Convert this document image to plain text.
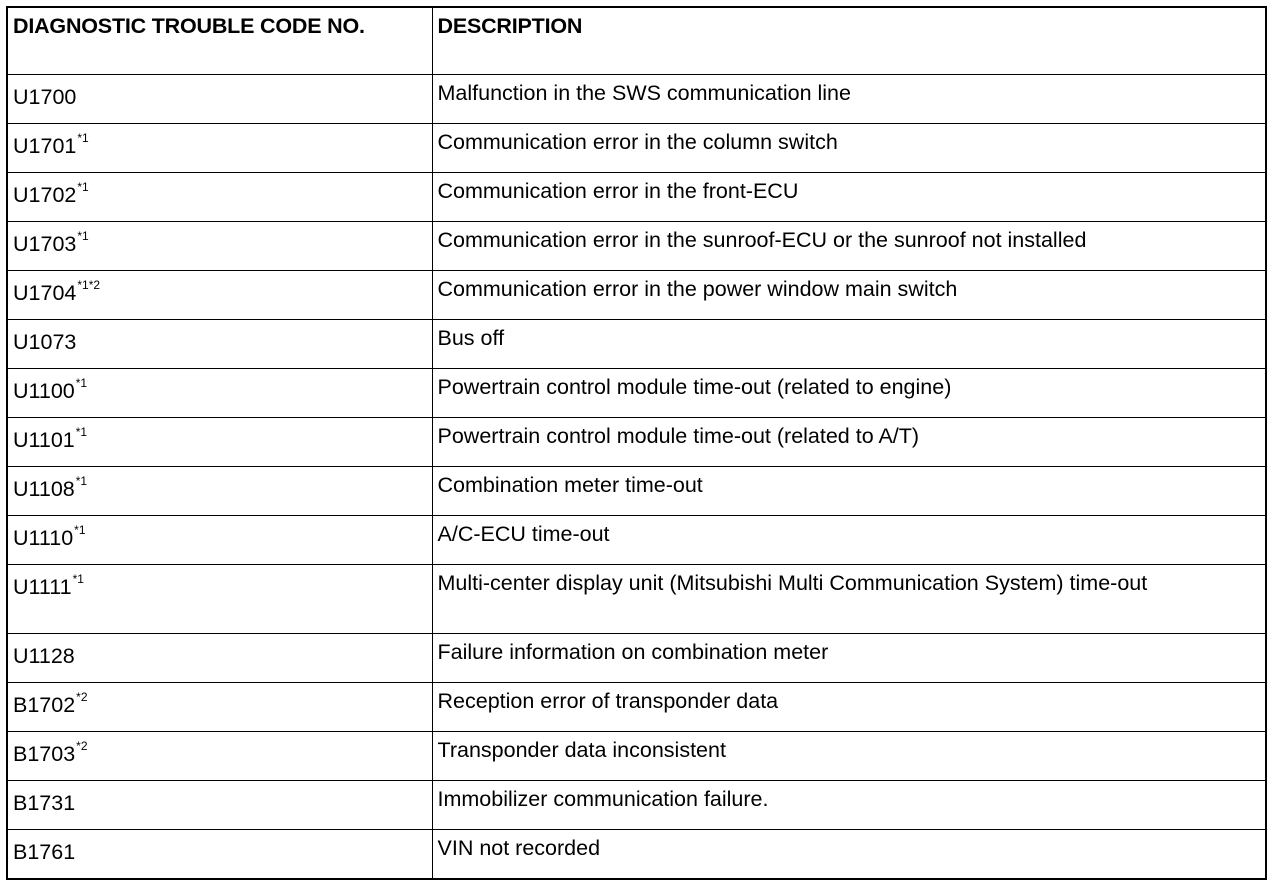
DIAGNOSTIC TROUBLE CODE NO.	DESCRIPTION
U1700	Malfunction in the SWS communication line
U1701$^{*1}$	Communication error in the column switch
U1702$^{*1}$	Communication error in the front-ECU
U1703$^{*1}$	Communication error in the sunroof-ECU or the sunroof not installed
U1704$^{*1*2}$	Communication error in the power window main switch
U1073	Bus off
U1100$^{*1}$	Powertrain control module time-out (related to engine)
U1101$^{*1}$	Powertrain control module time-out (related to A/T)
U1108$^{*1}$	Combination meter time-out
U1110$^{*1}$	A/C-ECU time-out
U1111$^{*1}$	Multi-center display unit (Mitsubishi Multi Communication System) time-out
U1128	Failure information on combination meter
B1702$^{*2}$	Reception error of transponder data
B1703$^{*2}$	Transponder data inconsistent
B1731	Immobilizer communication failure.
B1761	VIN not recorded
